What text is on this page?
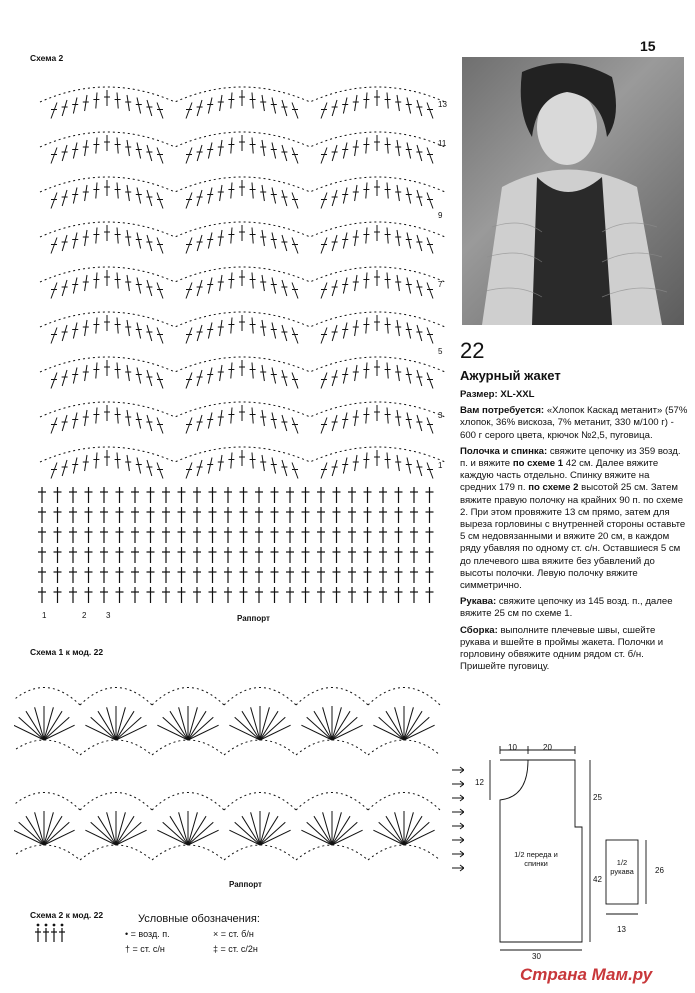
15
Схема 2
13
11
9
7
5
3
1
1	2 3	Раппорт
Схема 1 к мод. 22
Раппорт
Схема 2 к мод. 22	Условные обозначения:
• = возд. п.	× = ст. б/н
† = ст. с/н	‡ = ст. с/2н
22
Ажурный жакет

Размер: XL-XXL

Вам потребуется: «Хлопок Каскад метанит» (57% хлопок, 36% вискоза, 7% метанит, 330 м/100 г) - 600 г серого цвета, крючок №2,5, пуговица.

Полочка и спинка: свяжите цепочку из 359 возд. п. и вяжите по схеме 1 42 см. Далее вяжите каждую часть отдельно. Спинку вяжите на средних 179 п. по схеме 2 высотой 25 см. Затем вяжите правую полочку на крайних 90 п. по схеме 2. При этом провяжите 13 см прямо, затем для выреза горловины с внутренней стороны оставьте 5 см недовязанными и вяжите 20 см, в каждом ряду убавляя по одному ст. с/н. Оставшиеся 5 см до плечевого шва вяжите без убавлений до высоты полочки. Левую полочку вяжите симметрично.

Рукава: свяжите цепочку из 145 возд. п., далее вяжите 25 см по схеме 1.

Сборка: выполните плечевые швы, сшейте рукава и вшейте в проймы жакета. Полочки и горловину обвяжите одним рядом ст. б/н. Пришейте пуговицу.

10	20
12
25
42
30
1/2 переда и спинки	1/2 рукава	26
13
Страна Мам.ру
